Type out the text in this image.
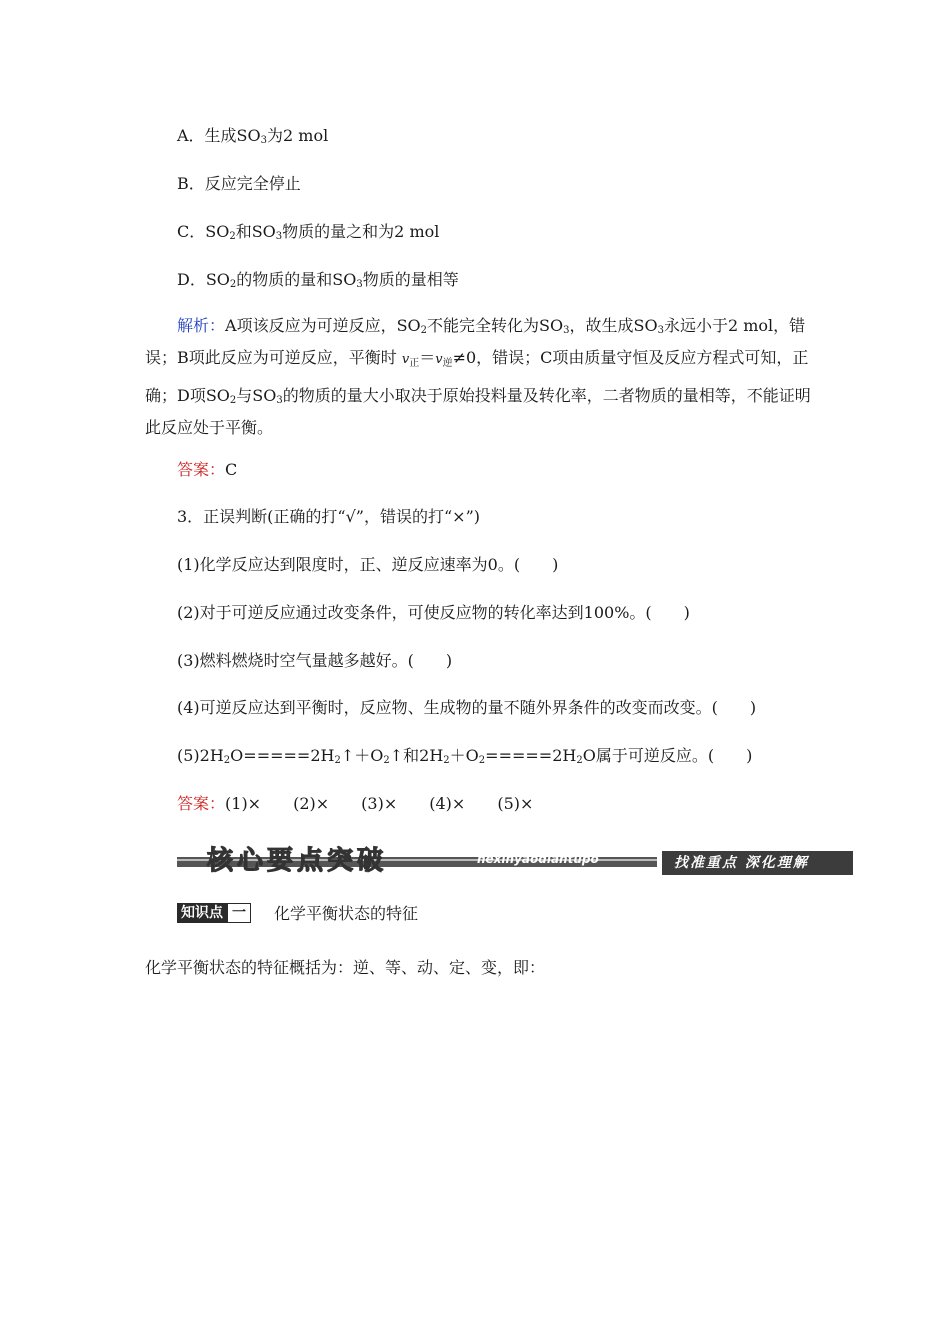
A．生成$SO_3$为2 mol
B．反应完全停止
C．$SO_2$和$SO_3$物质的量之和为2 mol
D．$SO_2$的物质的量和$SO_3$物质的量相等
解析：A项该反应为可逆反应，$SO_2$不能完全转化为$SO_3$，故生成$SO_3$永远小于2 mol，错误；B项此反应为可逆反应，平衡时 v正＝v逆≠0，错误；C项由质量守恒及反应方程式可知，正确；D项$SO_2$与$SO_3$的物质的量大小取决于原始投料量及转化率，二者物质的量相等，不能证明此反应处于平衡。
答案：C
3．正误判断(正确的打“√”，错误的打“×”)
(1)化学反应达到限度时，正、逆反应速率为0。(　　)
(2)对于可逆反应通过改变条件，可使反应物的转化率达到100%。(　　)
(3)燃料燃烧时空气量越多越好。(　　)
(4)可逆反应达到平衡时，反应物、生成物的量不随外界条件的改变而改变。(　　)
$(5)2H_2O=====2H_2↑+O_2↑$和$2H_2+O_2=====2H_2O$属于可逆反应。(　　)
答案：(1)× (2)× (3)× (4)× (5)×
核心要点突破	hexinyaodiantupo	找准重点 深化理解
知识点 一	化学平衡状态的特征
化学平衡状态的特征概括为：逆、等、动、定、变，即：
